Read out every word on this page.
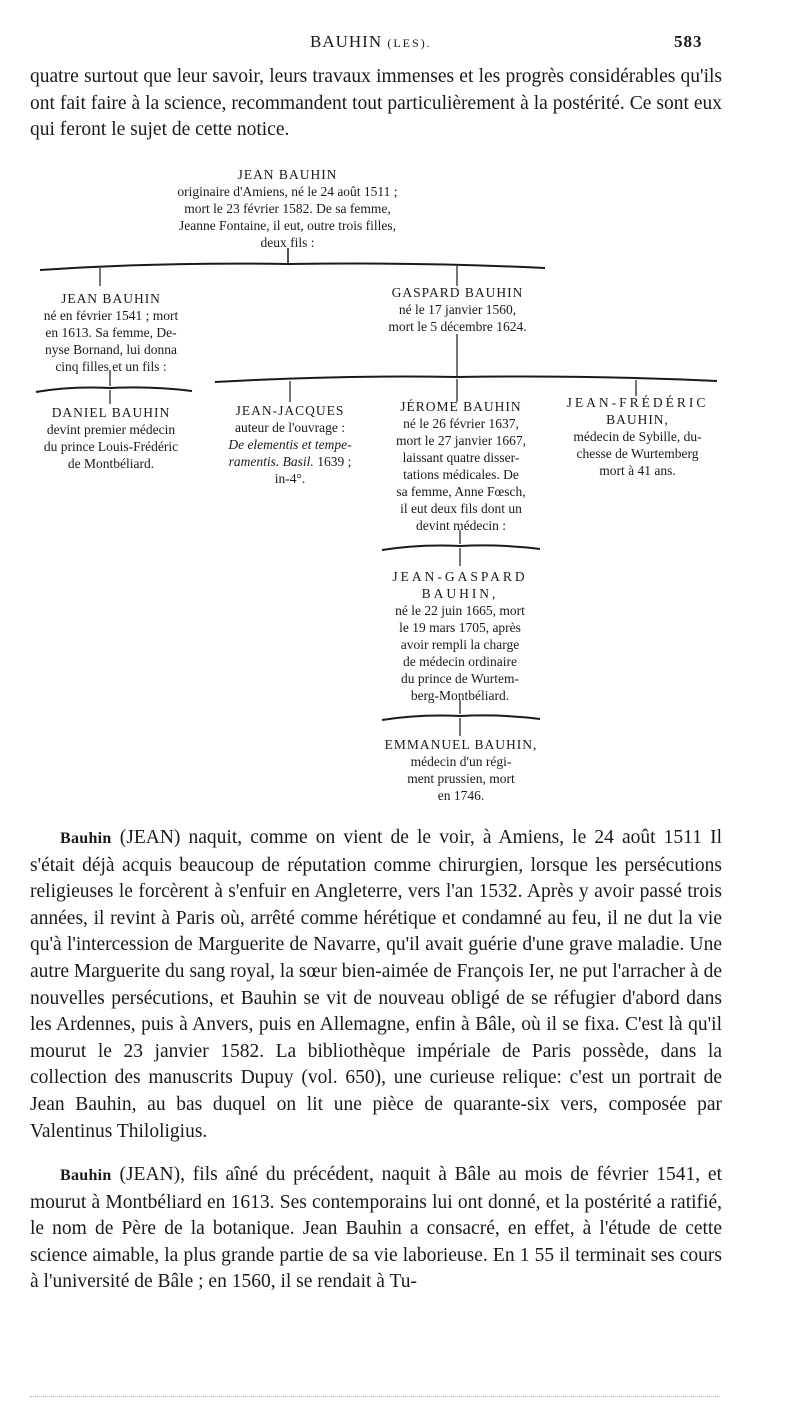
BAUHIN (LES).	583

quatre surtout que leur savoir, leurs travaux immenses et les progrès considérables qu'ils ont fait faire à la science, recommandent tout particulièrement à la postérité. Ce sont eux qui feront le sujet de cette notice.

JEAN BAUHIN
originaire d'Amiens, né le 24 août 1511 ;
mort le 23 février 1582. De sa femme,
Jeanne Fontaine, il eut, outre trois filles,
deux fils :
JEAN BAUHIN
né en février 1541 ; mort
en 1613. Sa femme, De-
nyse Bornand, lui donna
cinq filles et un fils :
GASPARD BAUHIN
né le 17 janvier 1560,
mort le 5 décembre 1624.
DANIEL BAUHIN
devint premier médecin
du prince Louis-Frédéric
de Montbéliard.
JEAN-JACQUES
auteur de l'ouvrage :
De elementis et tempe-
ramentis. Basil. 1639 ;
in-4°.
JÉROME BAUHIN
né le 26 février 1637,
mort le 27 janvier 1667,
laissant quatre disser-
tations médicales. De
sa femme, Anne Fœsch,
il eut deux fils dont un
devint médecin :
JEAN-FRÉDÉRIC
BAUHIN,
médecin de Sybille, du-
chesse de Wurtemberg
mort à 41 ans.
JEAN-GASPARD
BAUHIN,
né le 22 juin 1665, mort
le 19 mars 1705, après
avoir rempli la charge
de médecin ordinaire
du prince de Wurtem-
berg-Montbéliard.
EMMANUEL BAUHIN,
médecin d'un régi-
ment prussien, mort
en 1746.

Bauhin (JEAN) naquit, comme on vient de le voir, à Amiens, le 24 août 1511 Il s'était déjà acquis beaucoup de réputation comme chirurgien, lorsque les persécutions religieuses le forcèrent à s'enfuir en Angleterre, vers l'an 1532. Après y avoir passé trois années, il revint à Paris où, arrêté comme hérétique et condamné au feu, il ne dut la vie qu'à l'intercession de Marguerite de Navarre, qu'il avait guérie d'une grave maladie. Une autre Marguerite du sang royal, la sœur bien-aimée de François Ier, ne put l'arracher à de nouvelles persécutions, et Bauhin se vit de nouveau obligé de se réfugier d'abord dans les Ardennes, puis à Anvers, puis en Allemagne, enfin à Bâle, où il se fixa. C'est là qu'il mourut le 23 janvier 1582. La bibliothèque impériale de Paris possède, dans la collection des manuscrits Dupuy (vol. 650), une curieuse relique: c'est un portrait de Jean Bauhin, au bas duquel on lit une pièce de quarante-six vers, composée par Valentinus Thiloligius.

Bauhin (JEAN), fils aîné du précédent, naquit à Bâle au mois de février 1541, et mourut à Montbéliard en 1613. Ses contemporains lui ont donné, et la postérité a ratifié, le nom de Père de la botanique. Jean Bauhin a consacré, en effet, à l'étude de cette science aimable, la plus grande partie de sa vie laborieuse. En 1 55 il terminait ses cours à l'université de Bâle ; en 1560, il se rendait à Tu-
